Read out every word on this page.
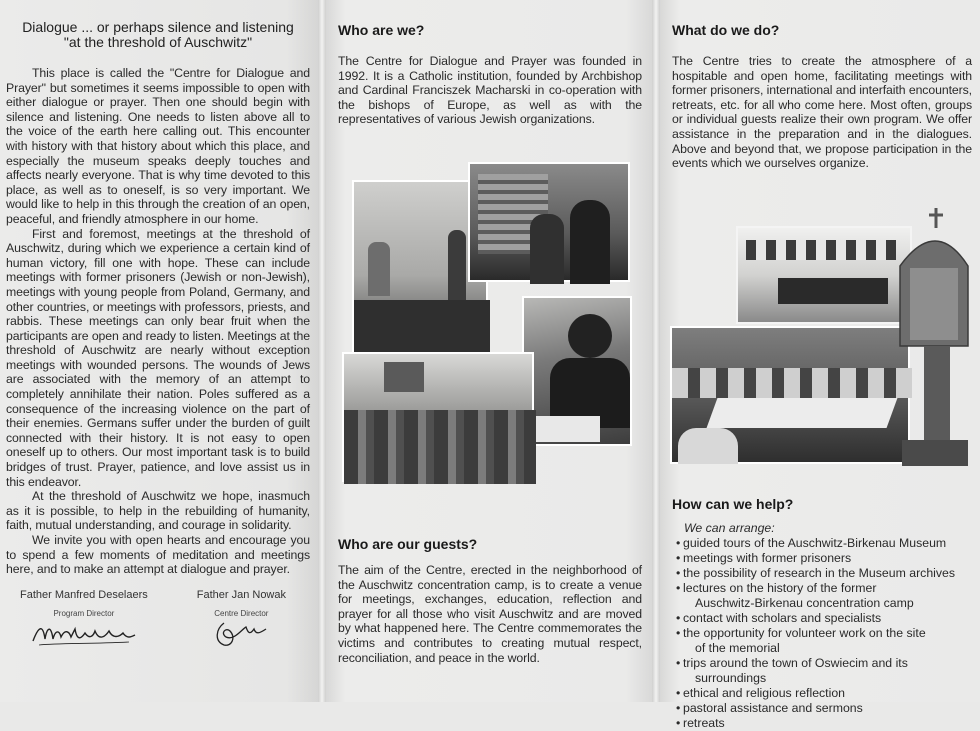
Dialogue ... or perhaps silence and listening
"at the threshold of Auschwitz"

This place is called the "Centre for Dialogue and Prayer" but sometimes it seems impossible to open with either dialogue or prayer. Then one should begin with silence and listening. One needs to listen above all to the voice of the earth here calling out. This encounter with history with that history about which this place, and especially the museum speaks deeply touches and affects nearly everyone. That is why time devoted to this place, as well as to oneself, is so very important. We would like to help in this through the creation of an open, peaceful, and friendly atmosphere in our home.

First and foremost, meetings at the threshold of Auschwitz, during which we experience a certain kind of human victory, fill one with hope. These can include meetings with former prisoners (Jewish or non-Jewish), meetings with young people from Poland, Germany, and other countries, or meetings with professors, priests, and rabbis. These meetings can only bear fruit when the participants are open and ready to listen. Meetings at the threshold of Auschwitz are nearly without exception meetings with wounded persons. The wounds of Jews are associated with the memory of an attempt to completely annihilate their nation. Poles suffered as a consequence of the increasing violence on the part of their enemies. Germans suffer under the burden of guilt connected with their history. It is not easy to open oneself up to others. Our most important task is to build bridges of trust. Prayer, patience, and love assist us in this endeavor.

At the threshold of Auschwitz we hope, inasmuch as it is possible, to help in the rebuilding of humanity, faith, mutual understanding, and courage in solidarity.

We invite you with open hearts and encourage you to spend a few moments of meditation and meetings here, and to make an attempt at dialogue and prayer.

Father Manfred Deselaers
Program Director
Father Jan Nowak
Centre Director
Who are we?

The Centre for Dialogue and Prayer was founded in 1992. It is a Catholic institution, founded by Archbishop and Cardinal Franciszek Macharski in co-operation with the bishops of Europe, as well as with the representatives of various Jewish organizations.

Who are our guests?

The aim of the Centre, erected in the neighborhood of the Auschwitz concentration camp, is to create a venue for meetings, exchanges, education, reflection and prayer for all those who visit Auschwitz and are moved by what happened here. The Centre commemorates the victims and contributes to creating mutual respect, reconciliation, and peace in the world.

What do we do?

The Centre tries to create the atmosphere of a hospitable and open home, facilitating meetings with former prisoners, international and interfaith encounters, retreats, etc. for all who come here. Most often, groups or individual guests realize their own program. We offer assistance in the preparation and in the dialogues. Above and beyond that, we propose participation in the events which we ourselves organize.

How can we help?
We can arrange:
• guided tours of the Auschwitz-Birkenau Museum
• meetings with former prisoners
• the possibility of research in the Museum archives
• lectures on the history of the former
Auschwitz-Birkenau concentration camp
• contact with scholars and specialists
• the opportunity for volunteer work on the site
of the memorial
• trips around the town of Oswiecim and its
surroundings
• ethical and religious reflection
• pastoral assistance and sermons
• retreats
